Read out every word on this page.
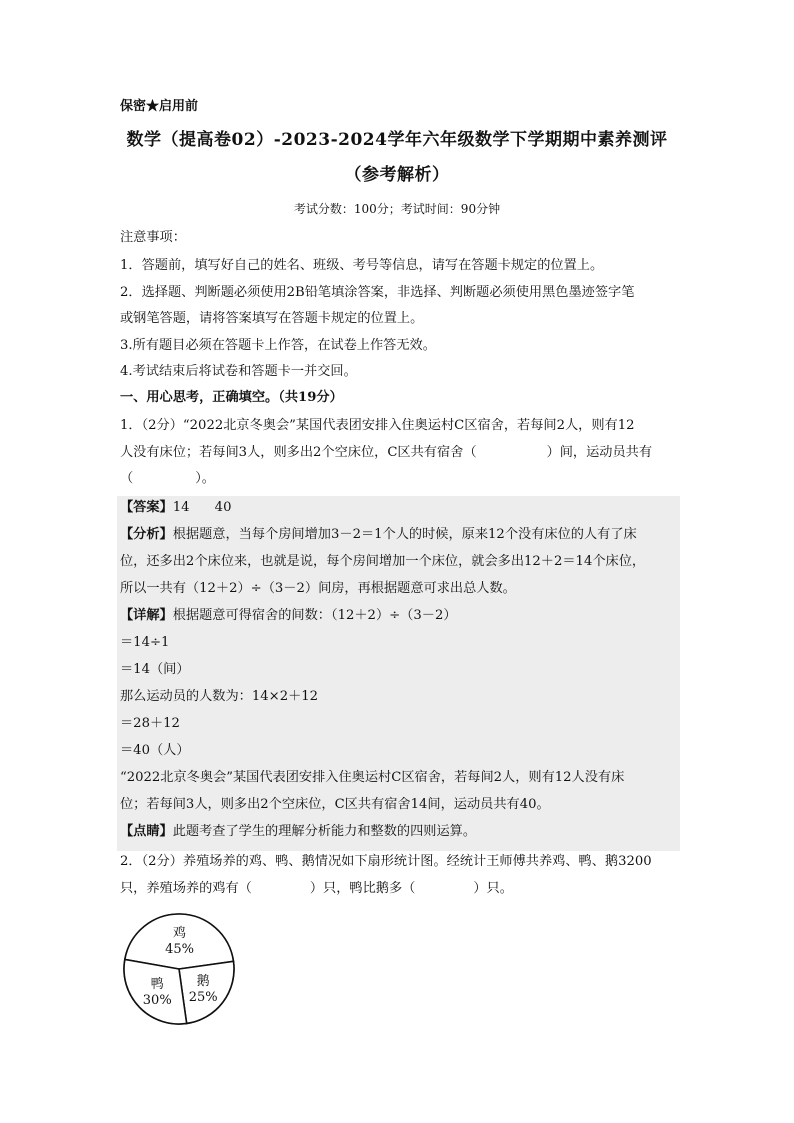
保密★启用前
数学（提高卷02）-2023-2024学年六年级数学下学期期中素养测评
（参考解析）
考试分数：100分；考试时间：90分钟
注意事项：
1．答题前，填写好自己的姓名、班级、考号等信息，请写在答题卡规定的位置上。
2．选择题、判断题必须使用2B铅笔填涂答案，非选择、判断题必须使用黑色墨迹签字笔
或钢笔答题，请将答案填写在答题卡规定的位置上。
3.所有题目必须在答题卡上作答，在试卷上作答无效。
4.考试结束后将试卷和答题卡一并交回。
一、用心思考，正确填空。（共19分）
1．（2分）“2022北京冬奥会”某国代表团安排入住奥运村C区宿舍，若每间2人，则有12
人没有床位；若每间3人，则多出2个空床位，C区共有宿舍（	）间，运动员共有
（	）。
【答案】14      40
【分析】根据题意，当每个房间增加3－2＝1个人的时候，原来12个没有床位的人有了床
位，还多出2个床位来，也就是说，每个房间增加一个床位，就会多出12＋2＝14个床位，
所以一共有（12＋2）÷（3－2）间房，再根据题意可求出总人数。
【详解】根据题意可得宿舍的间数：（12＋2）÷（3－2）
＝14÷1
＝14（间）
那么运动员的人数为：14×2＋12
＝28＋12
＝40（人）
“2022北京冬奥会”某国代表团安排入住奥运村C区宿舍，若每间2人，则有12人没有床
位；若每间3人，则多出2个空床位，C区共有宿舍14间，运动员共有40。
【点睛】此题考查了学生的理解分析能力和整数的四则运算。
2．（2分）养殖场养的鸡、鸭、鹅情况如下扇形统计图。经统计王师傅共养鸡、鸭、鹅3200
只，养殖场养的鸡有（	）只，鸭比鹅多（	）只。
鸡
45%
鹅
25%
鸭
30%
